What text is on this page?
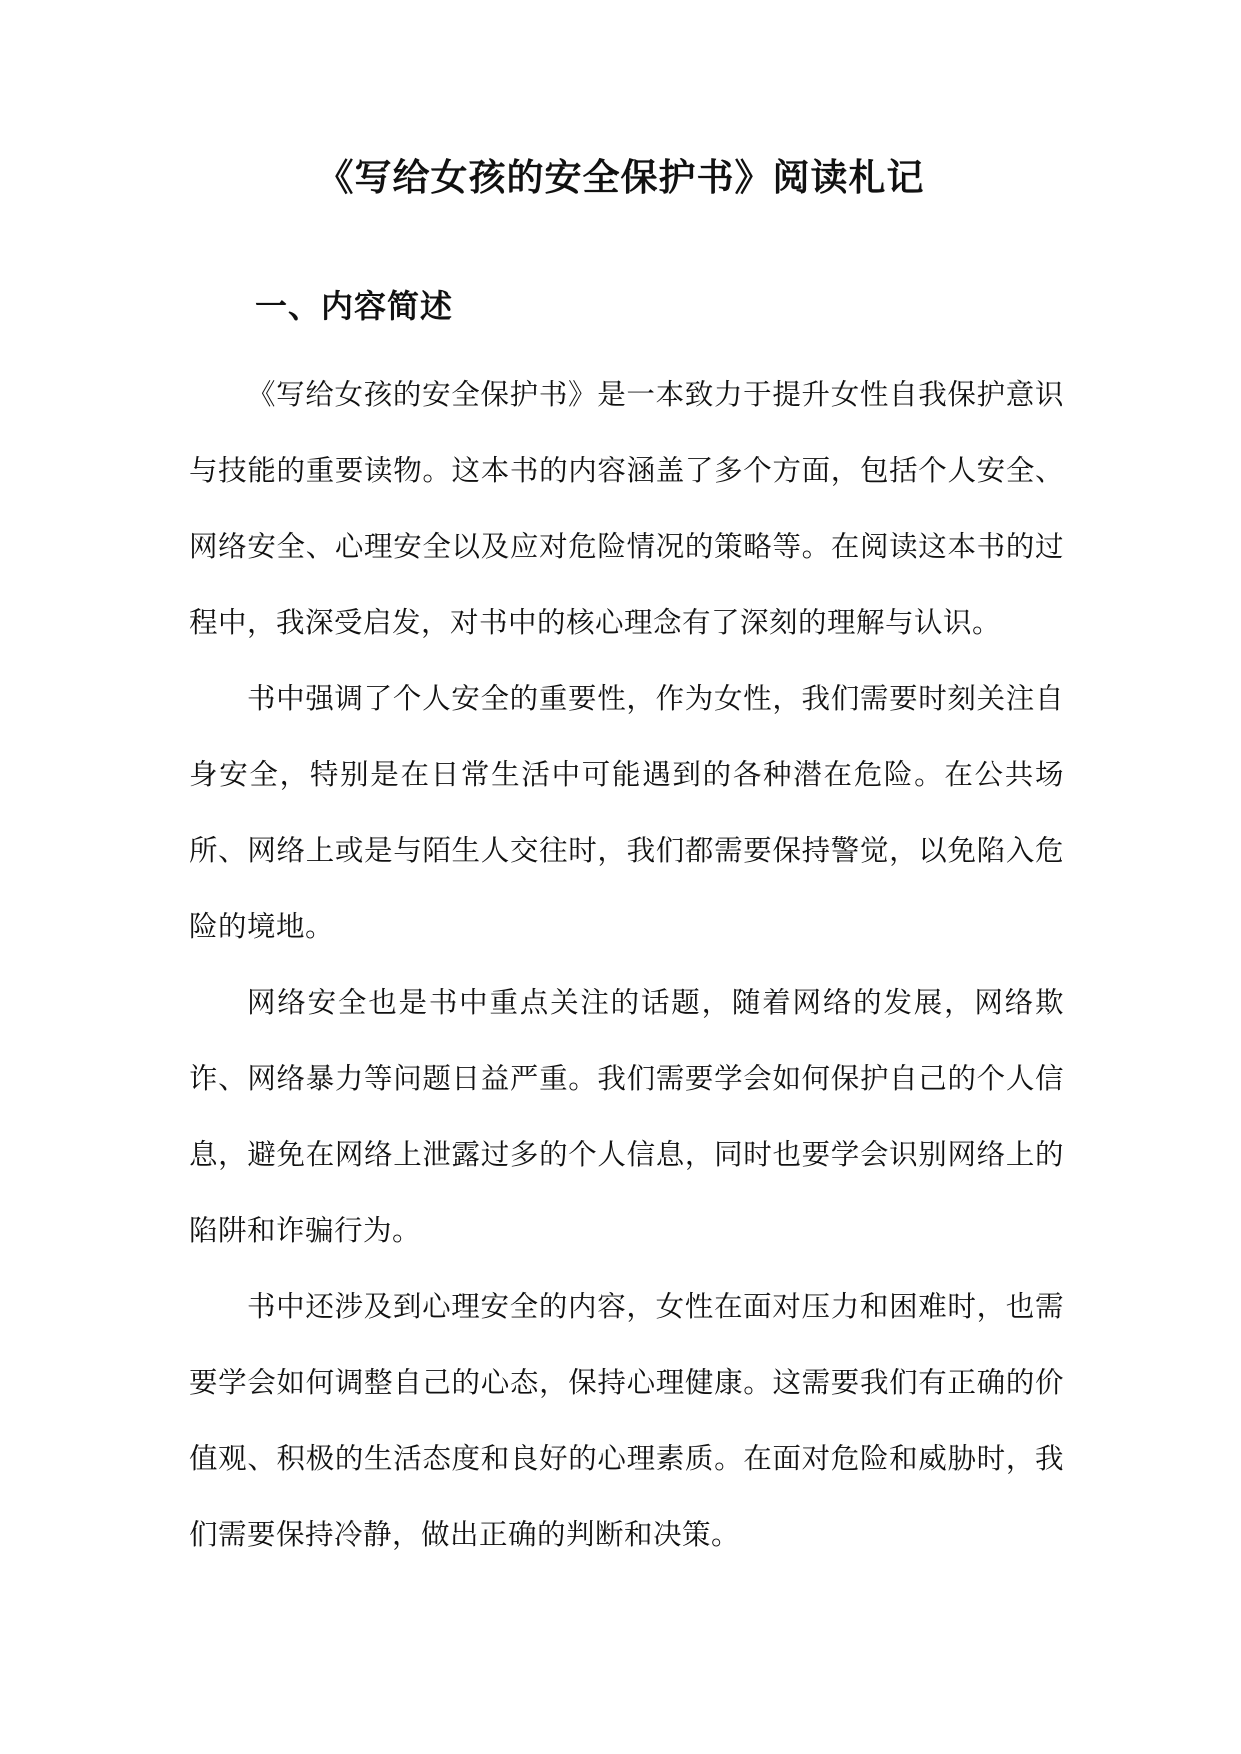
《写给女孩的安全保护书》阅读札记
一、内容简述

《写给女孩的安全保护书》是一本致力于提升女性自我保护意识与技能的重要读物。这本书的内容涵盖了多个方面，包括个人安全、网络安全、心理安全以及应对危险情况的策略等。在阅读这本书的过程中，我深受启发，对书中的核心理念有了深刻的理解与认识。

书中强调了个人安全的重要性，作为女性，我们需要时刻关注自身安全，特别是在日常生活中可能遇到的各种潜在危险。在公共场所、网络上或是与陌生人交往时，我们都需要保持警觉，以免陷入危险的境地。

网络安全也是书中重点关注的话题，随着网络的发展，网络欺诈、网络暴力等问题日益严重。我们需要学会如何保护自己的个人信息，避免在网络上泄露过多的个人信息，同时也要学会识别网络上的陷阱和诈骗行为。

书中还涉及到心理安全的内容，女性在面对压力和困难时，也需要学会如何调整自己的心态，保持心理健康。这需要我们有正确的价值观、积极的生活态度和良好的心理素质。在面对危险和威胁时，我们需要保持冷静，做出正确的判断和决策。
